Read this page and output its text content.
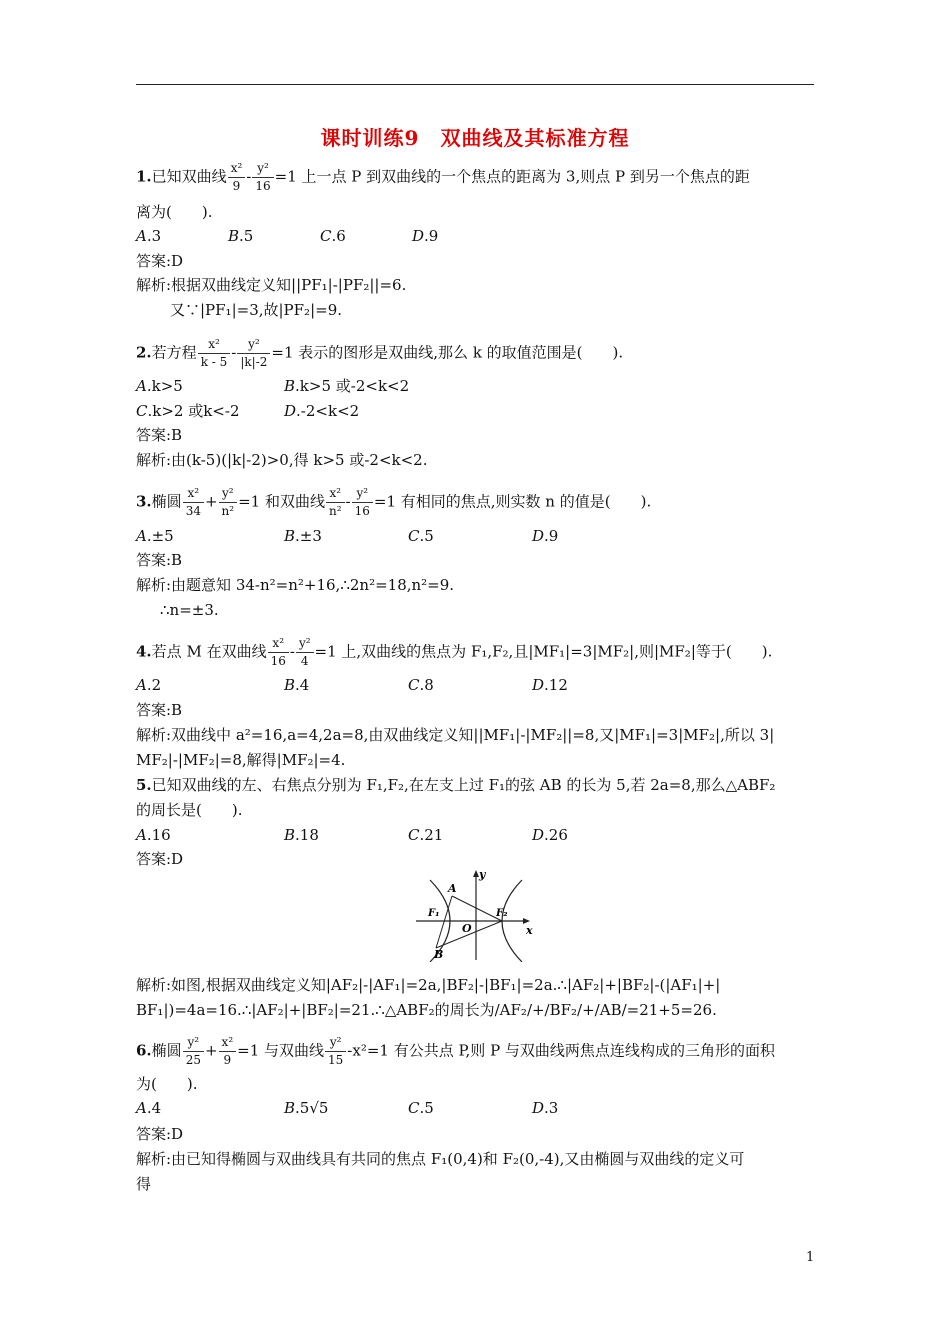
课时训练9　双曲线及其标准方程
1.已知双曲线 $\frac{\text{x²}}{9} - \frac{\text{y²}}{16} =1$ 上一点 P 到双曲线的一个焦点的距离为 3,则点 P 到另一个焦点的距
离为(　　).
A.3	B.5	C.6	D.9
答案:D
解析:根据双曲线定义知||PF₁|-|PF₂||=6.
又∵|PF₁|=3,故|PF₂|=9.
2.若方程 $\frac{\text{x²}}{k - 5} - \frac{\text{y²}}{|k|-2} =1$ 表示的图形是双曲线,那么 k 的取值范围是(　　).
A.k>5	B.k>5 或-2<k<2
C.k>2 或k<-2	D.-2<k<2
答案:B
解析:由(k-5)(|k|-2)>0,得 k>5 或-2<k<2.
3.椭圆 $\frac{\text{x²}}{34} + \frac{\text{y²}}{\text{n²}} =1$ 和双曲线 $\frac{\text{x²}}{\text{n²}} - \frac{\text{y²}}{16} =1$ 有相同的焦点,则实数 n 的值是(　　).
A.±5	B.±3	C.5	D.9
答案:B
解析:由题意知 34-n²=n²+16,∴2n²=18,n²=9.
∴n=±3.
4.若点 M 在双曲线 $\frac{\text{x²}}{16} - \frac{\text{y²}}{4} =1$ 上,双曲线的焦点为 F₁,F₂,且|MF₁|=3|MF₂|,则|MF₂|等于(　　).
A.2	B.4	C.8	D.12
答案:B
解析:双曲线中 a²=16,a=4,2a=8,由双曲线定义知||MF₁|-|MF₂||=8,又|MF₁|=3|MF₂|,所以 3|
MF₂|-|MF₂|=8,解得|MF₂|=4.
5.已知双曲线的左、右焦点分别为 F₁,F₂,在左支上过 F₁的弦 AB 的长为 5,若 2a=8,那么△ABF₂
的周长是(　　).
A.16	B.18	C.21	D.26
答案:D
A
B
F₁	F₂
O
y
x
解析:如图,根据双曲线定义知|AF₂|-|AF₁|=2a,|BF₂|-|BF₁|=2a.∴|AF₂|+|BF₂|-(|AF₁|+|
BF₁|)=4a=16.∴|AF₂|+|BF₂|=21.∴△ABF₂的周长为/AF₂/+/BF₂/+/AB/=21+5=26.
6.椭圆 $\frac{\text{y²}}{25} + \frac{\text{x²}}{9} =1$ 与双曲线 $\frac{\text{y²}}{15} -x^2=1$ 有公共点 P,则 P 与双曲线两焦点连线构成的三角形的面积
为(　　).
A.4	B.5√5	C.5	D.3
答案:D
解析:由已知得椭圆与双曲线具有共同的焦点 F₁(0,4)和 F₂(0,-4),又由椭圆与双曲线的定义可
得
1
